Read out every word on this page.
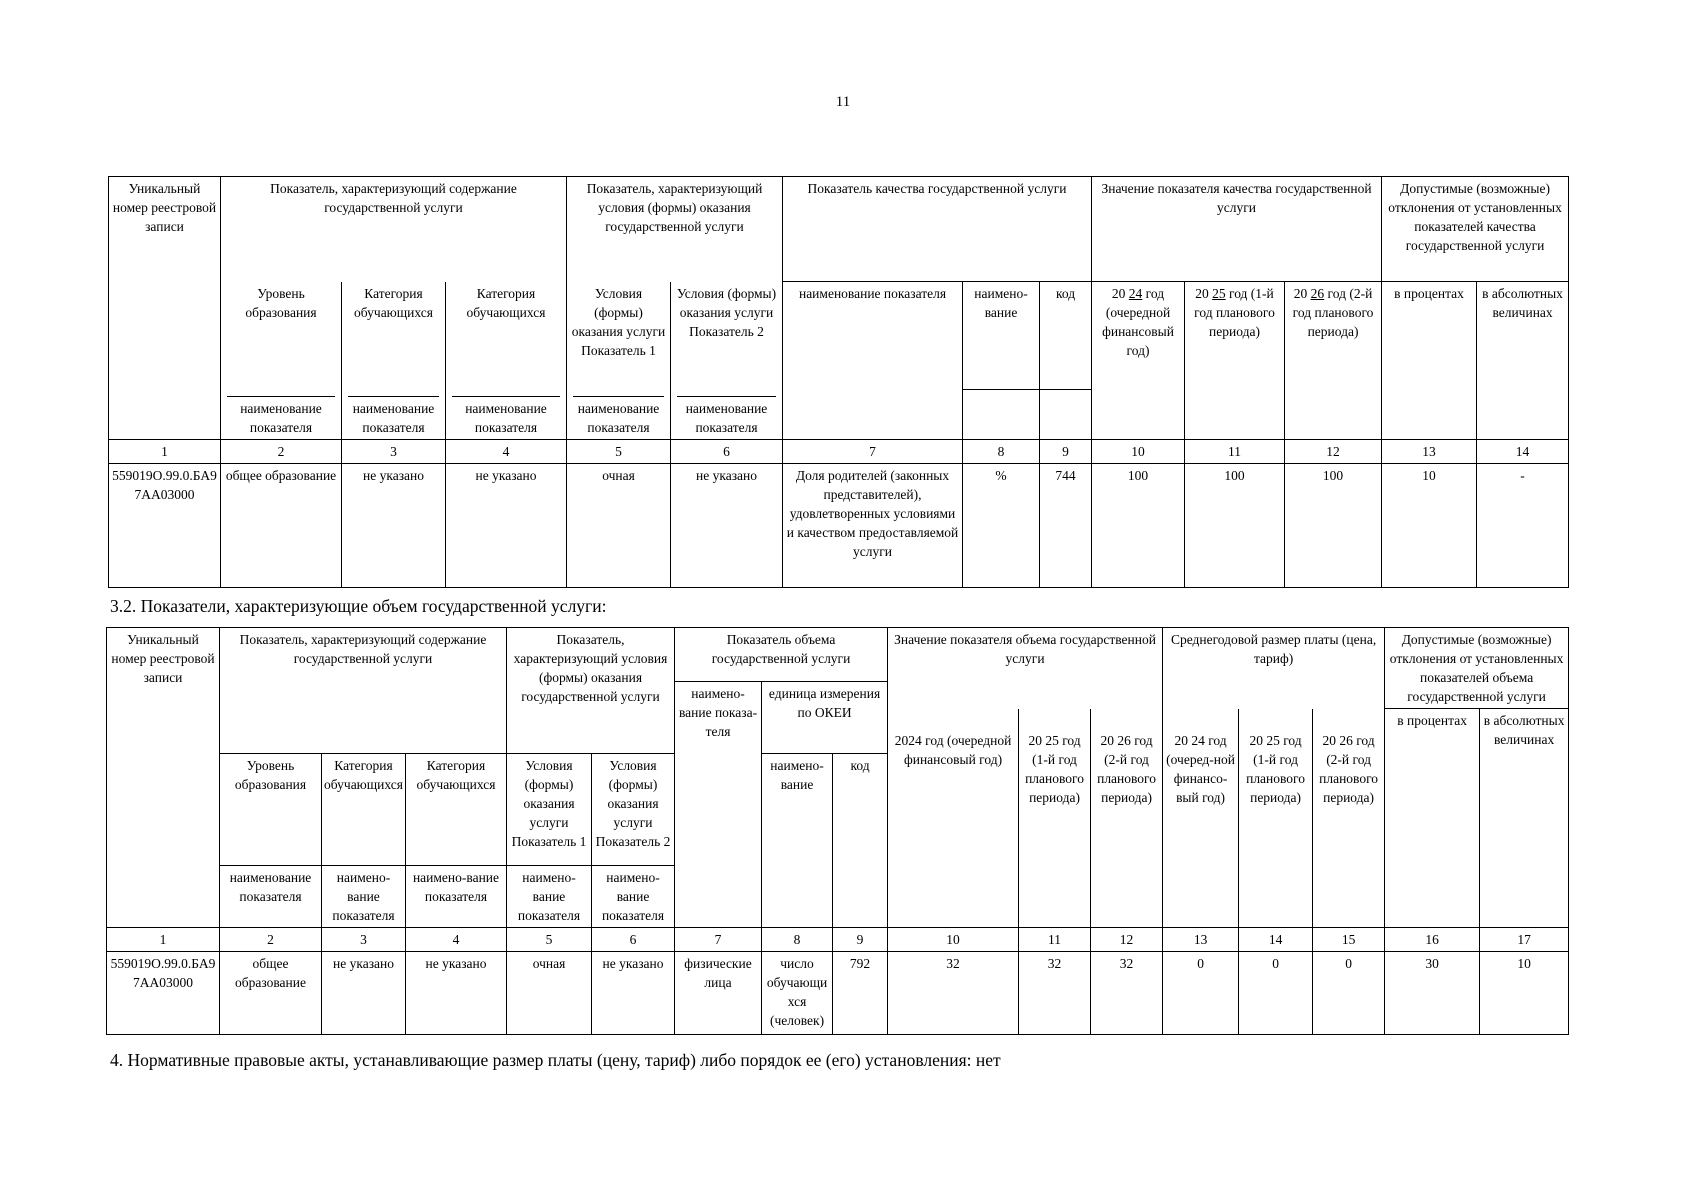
11
Уникальный номер реестровой записи	Показатель, характеризующий содержание государственной услуги			Показатель, характеризующий условия (формы) оказания государственной услуги		Показатель качества государственной услуги			Значение показателя качества государственной услуги			Допустимые (возможные) отклонения от установленных показателей качества государственной услуги	

	Уровень образования	Категория обучающихся	Категория обучающихся	Условия (формы) оказания услуги Показатель 1	Условия (формы) оказания услуги Показатель 2	наименование показателя	наимено-вание	код	20 24 год (очередной финансовый год)	20 25 год (1-й год планового периода)	20 26 год (2-й год планового периода)	в процентах	в абсолютных величинах

	наименование показателя	наименование показателя	наименование показателя	наименование показателя	наименование показателя								

1	2	3	4	5	6	7	8	9	10	11	12	13	14
559019О.99.0.БА97АА03000	общее образование	не указано	не указано	очная	не указано	Доля родителей (законных представителей), удовлетворенных условиями и качеством предоставляемой услуги	%	744	100	100	100	10	-
3.2. Показатели, характеризующие объем государственной услуги:
Уникальный номер реестровой записи	Показатель, характеризующий содержание государственной услуги			Показатель, характеризующий условия (формы) оказания государственной услуги		Показатель объема государственной услуги			Значение показателя объема государственной услуги			Среднегодовой размер платы (цена, тариф)			Допустимые (возможные) отклонения от установленных показателей объема государственной услуги	
						наимено-вание показа-теля	единица измерения по ОКЕИ									
									2024 год (очередной финансовый год)	20 25 год (1-й год планового периода)	20 26 год (2-й год планового периода)	20 24 год (очеред-ной финансо-вый год)	20 25 год (1-й год планового периода)	20 26 год (2-й год планового периода)	в процентах	в абсолютных величинах
	Уровень образования	Категория обучающихся	Категория обучающихся	Условия (формы) оказания услуги Показатель 1	Условия (формы) оказания услуги Показатель 2		наимено-вание	код								
	наименование показателя	наимено-вание показателя	наимено-вание показателя	наимено-вание показателя	наимено-вание показателя											

1	2	3	4	5	6	7	8	9	10	11	12	13	14	15	16	17
559019О.99.0.БА97АА03000	общее образование	не указано	не указано	очная	не указано	физические лица	число обучающихся (человек)	792	32	32	32	0	0	0	30	10
4. Нормативные правовые акты, устанавливающие размер платы (цену, тариф) либо порядок ее (его) установления: нет
